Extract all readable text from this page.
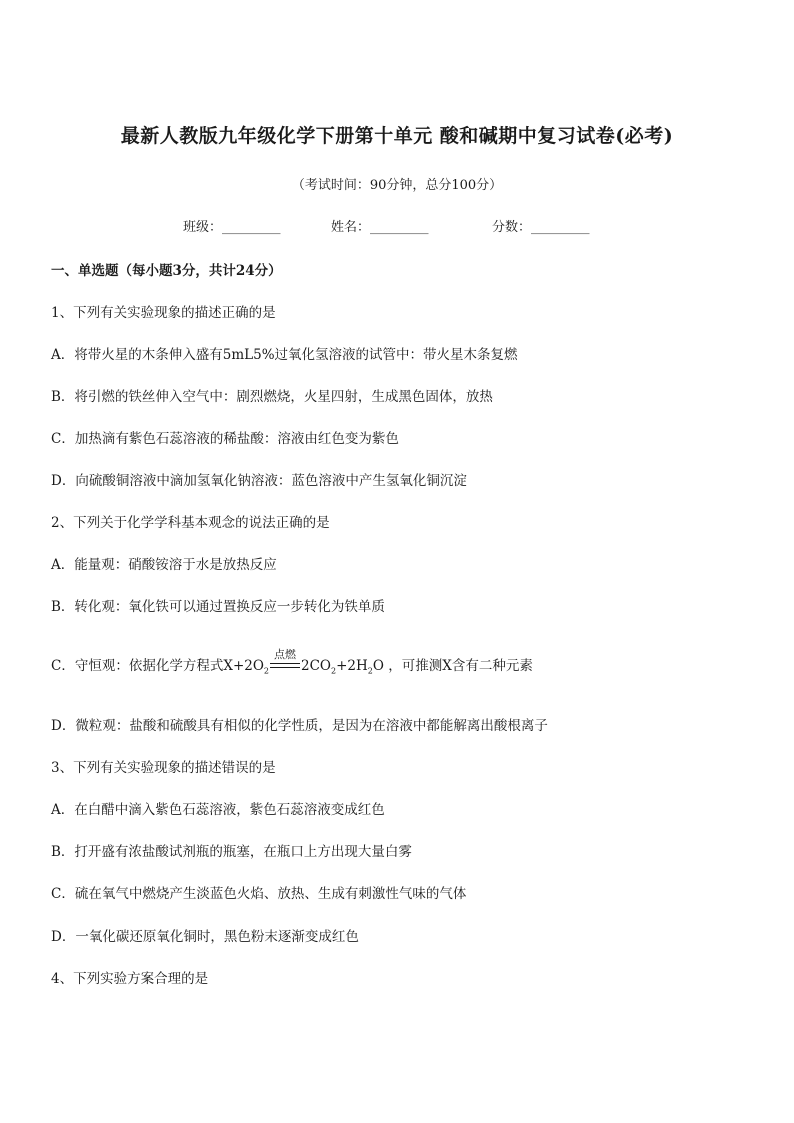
最新人教版九年级化学下册第十单元 酸和碱期中复习试卷(必考)
（考试时间：90分钟，总分100分）
班级：_________	姓名：_________	分数：_________
一、单选题（每小题3分，共计24分）
1、下列有关实验现象的描述正确的是
A．将带火星的木条伸入盛有5mL5%过氧化氢溶液的试管中：带火星木条复燃
B．将引燃的铁丝伸入空气中：剧烈燃烧，火星四射，生成黑色固体，放热
C．加热滴有紫色石蕊溶液的稀盐酸：溶液由红色变为紫色
D．向硫酸铜溶液中滴加氢氧化钠溶液：蓝色溶液中产生氢氧化铜沉淀
2、下列关于化学学科基本观念的说法正确的是
A．能量观：硝酸铵溶于水是放热反应
B．转化观：氧化铁可以通过置换反应一步转化为铁单质
C．守恒观：依据化学方程式$X+2O_2$
点燃
$2CO_2+2H_2O$ ，可推测X含有二种元素
D．微粒观：盐酸和硫酸具有相似的化学性质，是因为在溶液中都能解离出酸根离子
3、下列有关实验现象的描述错误的是
A．在白醋中滴入紫色石蕊溶液，紫色石蕊溶液变成红色
B．打开盛有浓盐酸试剂瓶的瓶塞，在瓶口上方出现大量白雾
C．硫在氧气中燃烧产生淡蓝色火焰、放热、生成有刺激性气味的气体
D．一氧化碳还原氧化铜时，黑色粉末逐渐变成红色
4、下列实验方案合理的是
